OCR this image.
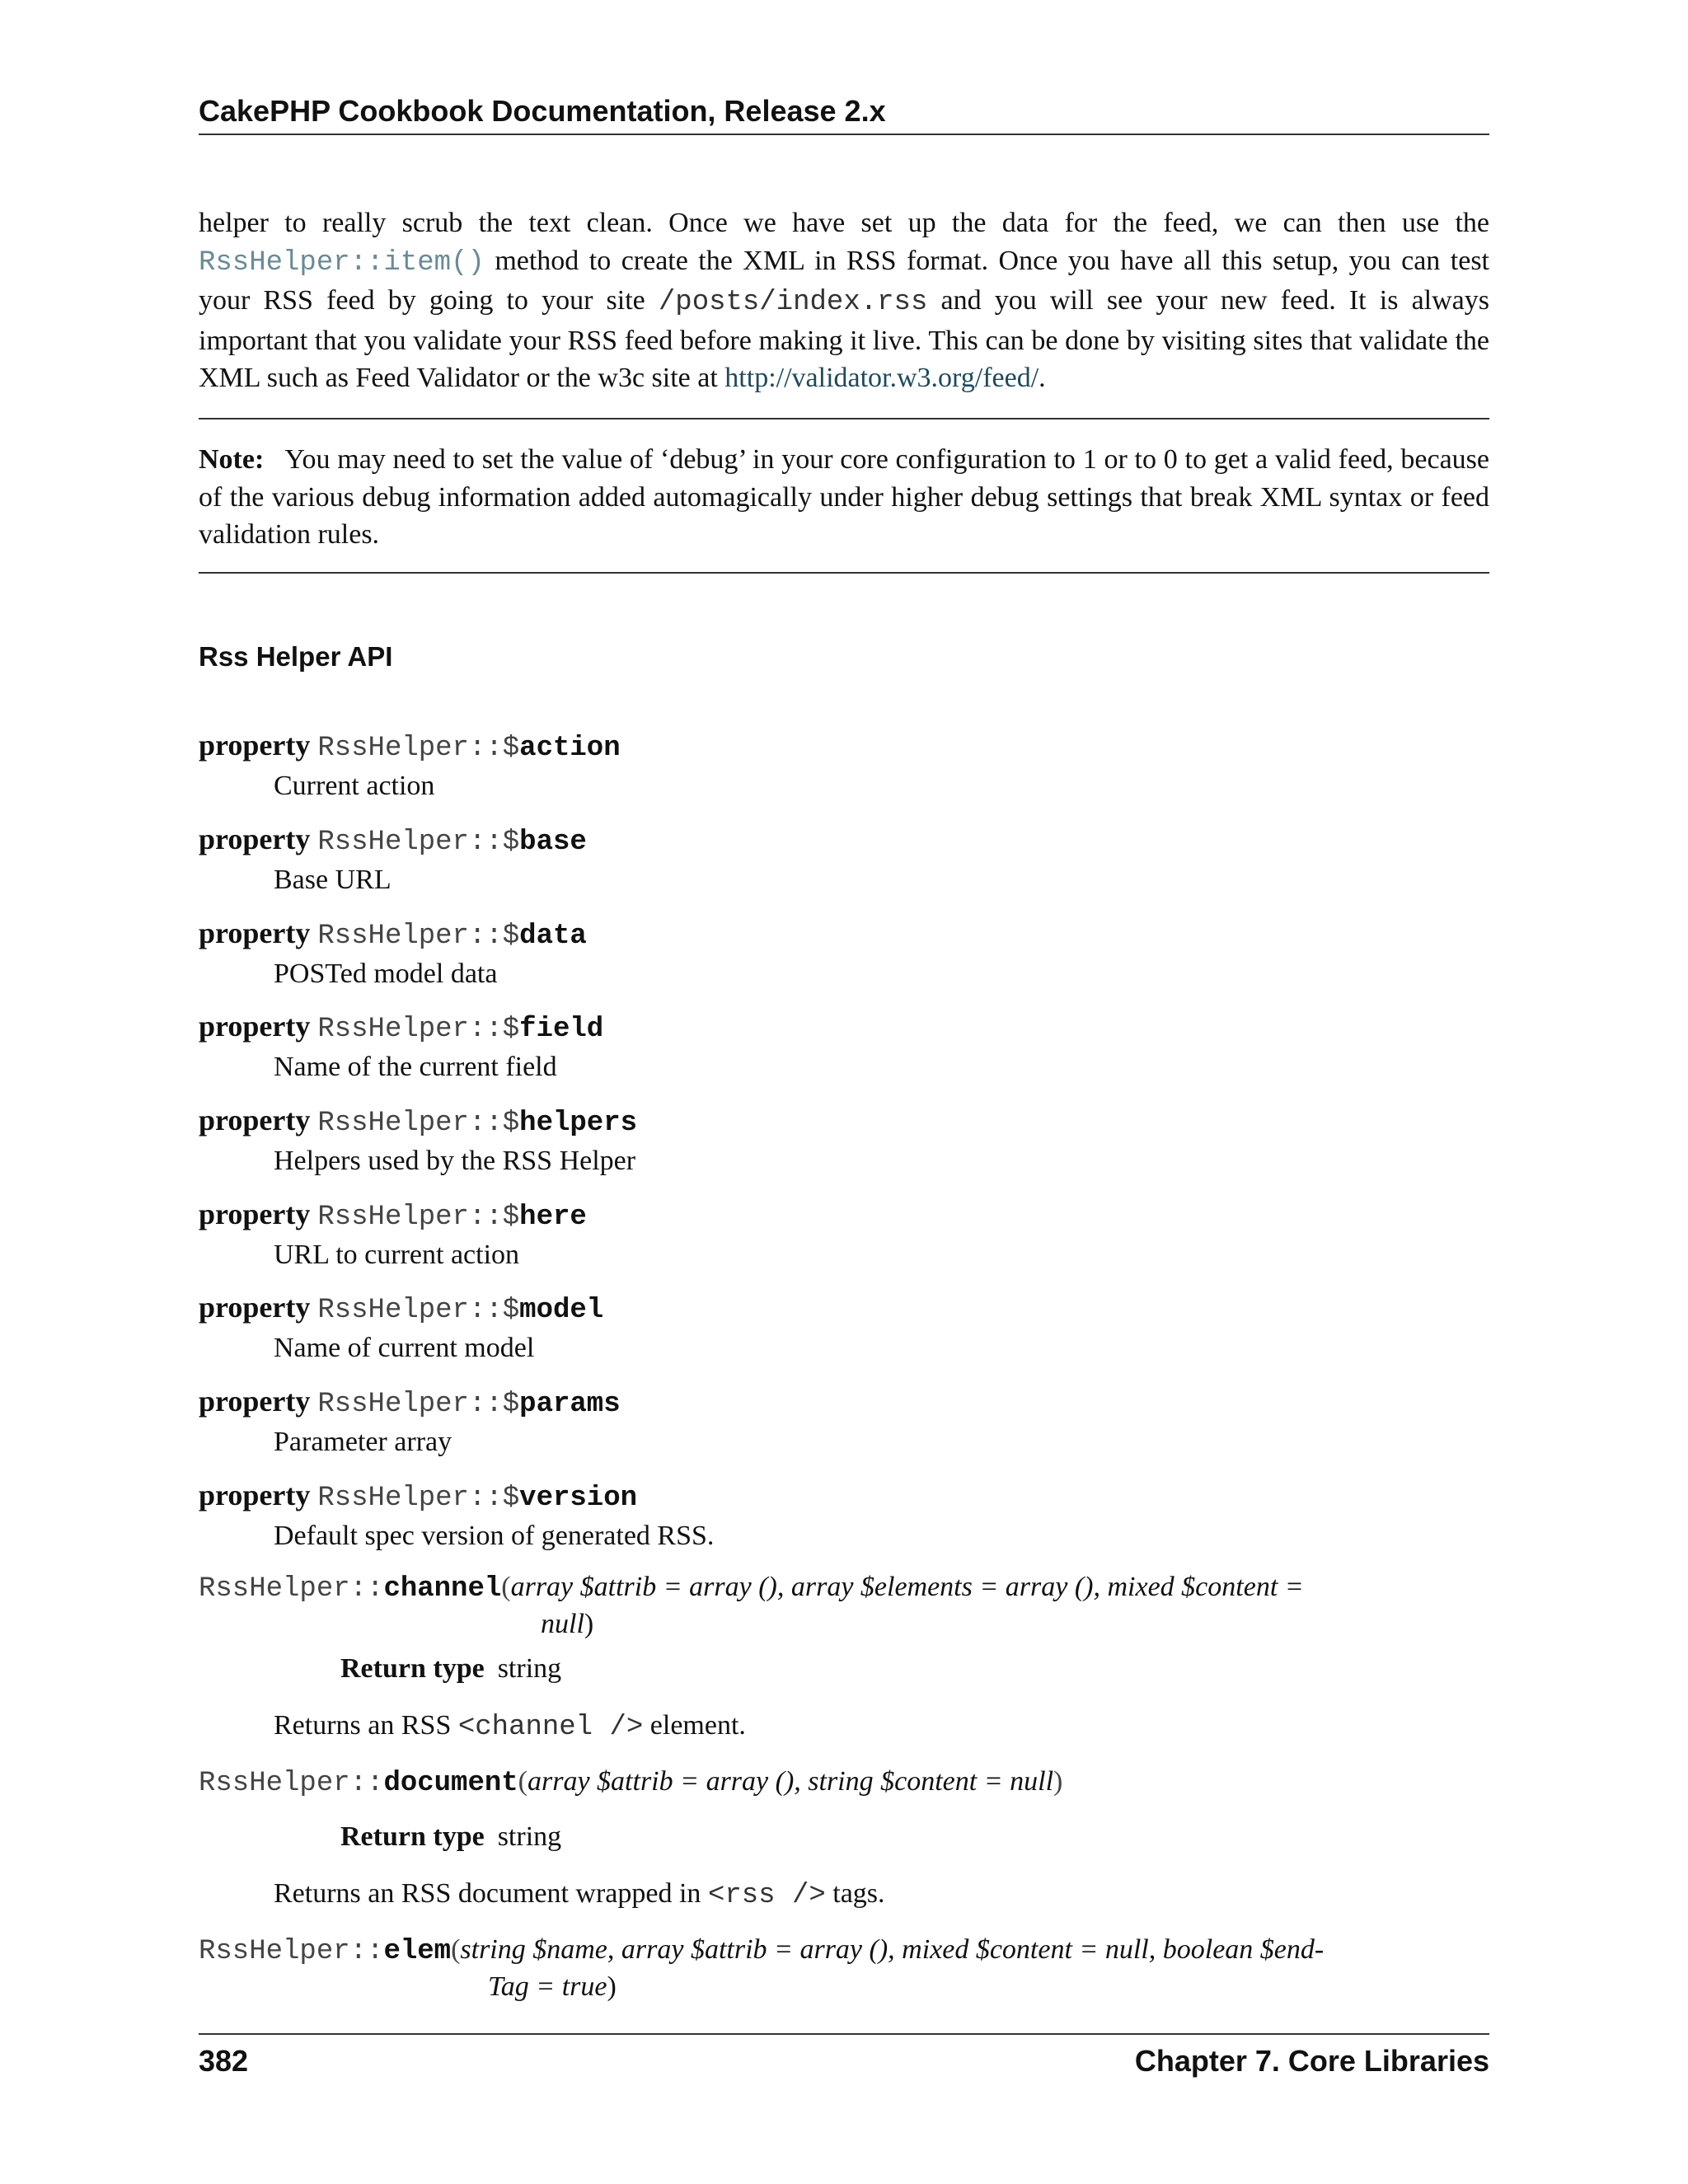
CakePHP Cookbook Documentation, Release 2.x
helper to really scrub the text clean. Once we have set up the data for the feed, we can then use the RssHelper::item() method to create the XML in RSS format. Once you have all this setup, you can test your RSS feed by going to your site /posts/index.rss and you will see your new feed. It is always important that you validate your RSS feed before making it live. This can be done by visiting sites that validate the XML such as Feed Validator or the w3c site at http://validator.w3.org/feed/.
Note: You may need to set the value of ‘debug’ in your core configuration to 1 or to 0 to get a valid feed, because of the various debug information added automagically under higher debug settings that break XML syntax or feed validation rules.
Rss Helper API
property RssHelper::$action
Current action
property RssHelper::$base
Base URL
property RssHelper::$data
POSTed model data
property RssHelper::$field
Name of the current field
property RssHelper::$helpers
Helpers used by the RSS Helper
property RssHelper::$here
URL to current action
property RssHelper::$model
Name of current model
property RssHelper::$params
Parameter array
property RssHelper::$version
Default spec version of generated RSS.
RssHelper::channel(array $attrib = array (), array $elements = array (), mixed $content =
null)
Return type string
Returns an RSS <channel /> element.
RssHelper::document(array $attrib = array (), string $content = null)
Return type string
Returns an RSS document wrapped in <rss /> tags.
RssHelper::elem(string $name, array $attrib = array (), mixed $content = null, boolean $end-
Tag = true)
382	Chapter 7. Core Libraries
